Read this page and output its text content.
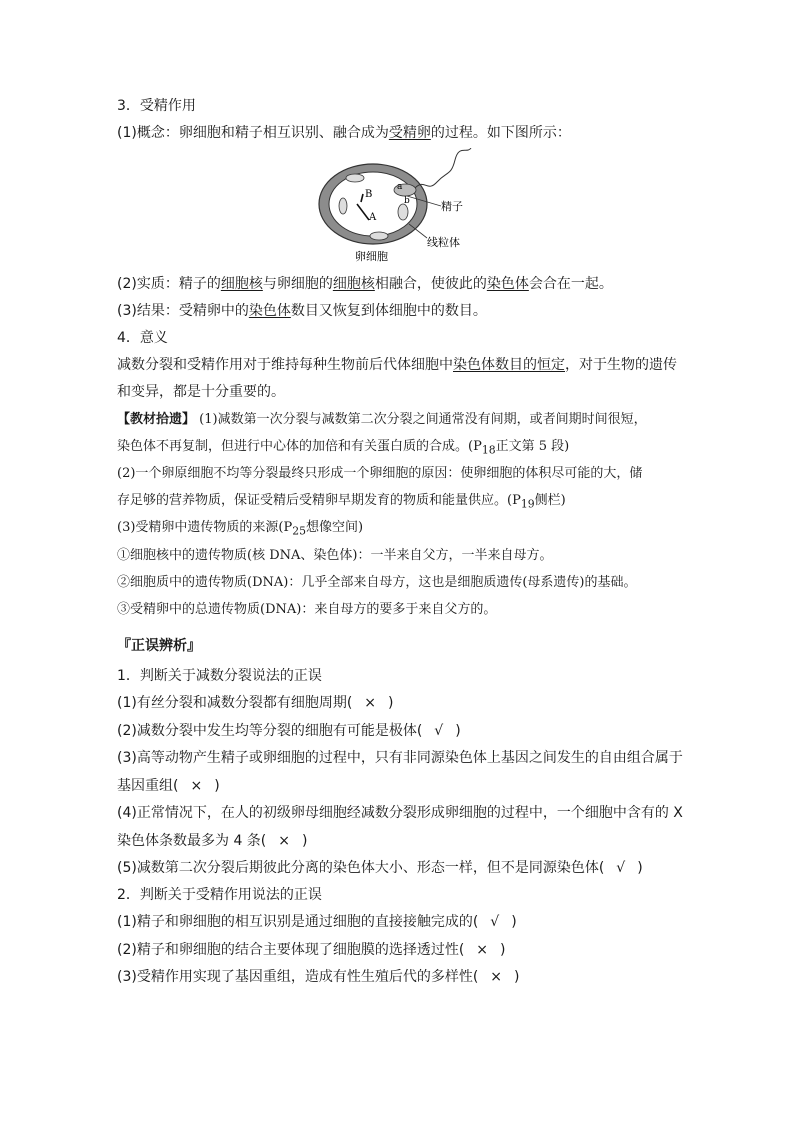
3．受精作用
(1)概念：卵细胞和精子相互识别、融合成为受精卵的过程。如下图所示：
B
A
a
b	精子
线粒体
卵细胞
(2)实质：精子的细胞核与卵细胞的细胞核相融合，使彼此的染色体会合在一起。
(3)结果：受精卵中的染色体数目又恢复到体细胞中的数目。
4．意义
减数分裂和受精作用对于维持每种生物前后代体细胞中染色体数目的恒定，对于生物的遗传
和变异，都是十分重要的。
【教材拾遗】 (1)减数第一次分裂与减数第二次分裂之间通常没有间期，或者间期时间很短，
染色体不再复制，但进行中心体的加倍和有关蛋白质的合成。($P_{18}$正文第 5 段)
(2)一个卵原细胞不均等分裂最终只形成一个卵细胞的原因：使卵细胞的体积尽可能的大，储
存足够的营养物质，保证受精后受精卵早期发育的物质和能量供应。($P_{19}$侧栏)
(3)受精卵中遗传物质的来源($P_{25}$想像空间)
①细胞核中的遗传物质(核 DNA、染色体)：一半来自父方，一半来自母方。
②细胞质中的遗传物质(DNA)：几乎全部来自母方，这也是细胞质遗传(母系遗传)的基础。
③受精卵中的总遗传物质(DNA)：来自母方的要多于来自父方的。
『正误辨析』
1．判断关于减数分裂说法的正误
(1)有丝分裂和减数分裂都有细胞周期( × )
(2)减数分裂中发生均等分裂的细胞有可能是极体( √ )
(3)高等动物产生精子或卵细胞的过程中，只有非同源染色体上基因之间发生的自由组合属于
基因重组( × )
(4)正常情况下，在人的初级卵母细胞经减数分裂形成卵细胞的过程中，一个细胞中含有的 X
染色体条数最多为 4 条( × )
(5)减数第二次分裂后期彼此分离的染色体大小、形态一样，但不是同源染色体( √ )
2．判断关于受精作用说法的正误
(1)精子和卵细胞的相互识别是通过细胞的直接接触完成的( √ )
(2)精子和卵细胞的结合主要体现了细胞膜的选择透过性( × )
(3)受精作用实现了基因重组，造成有性生殖后代的多样性( × )
